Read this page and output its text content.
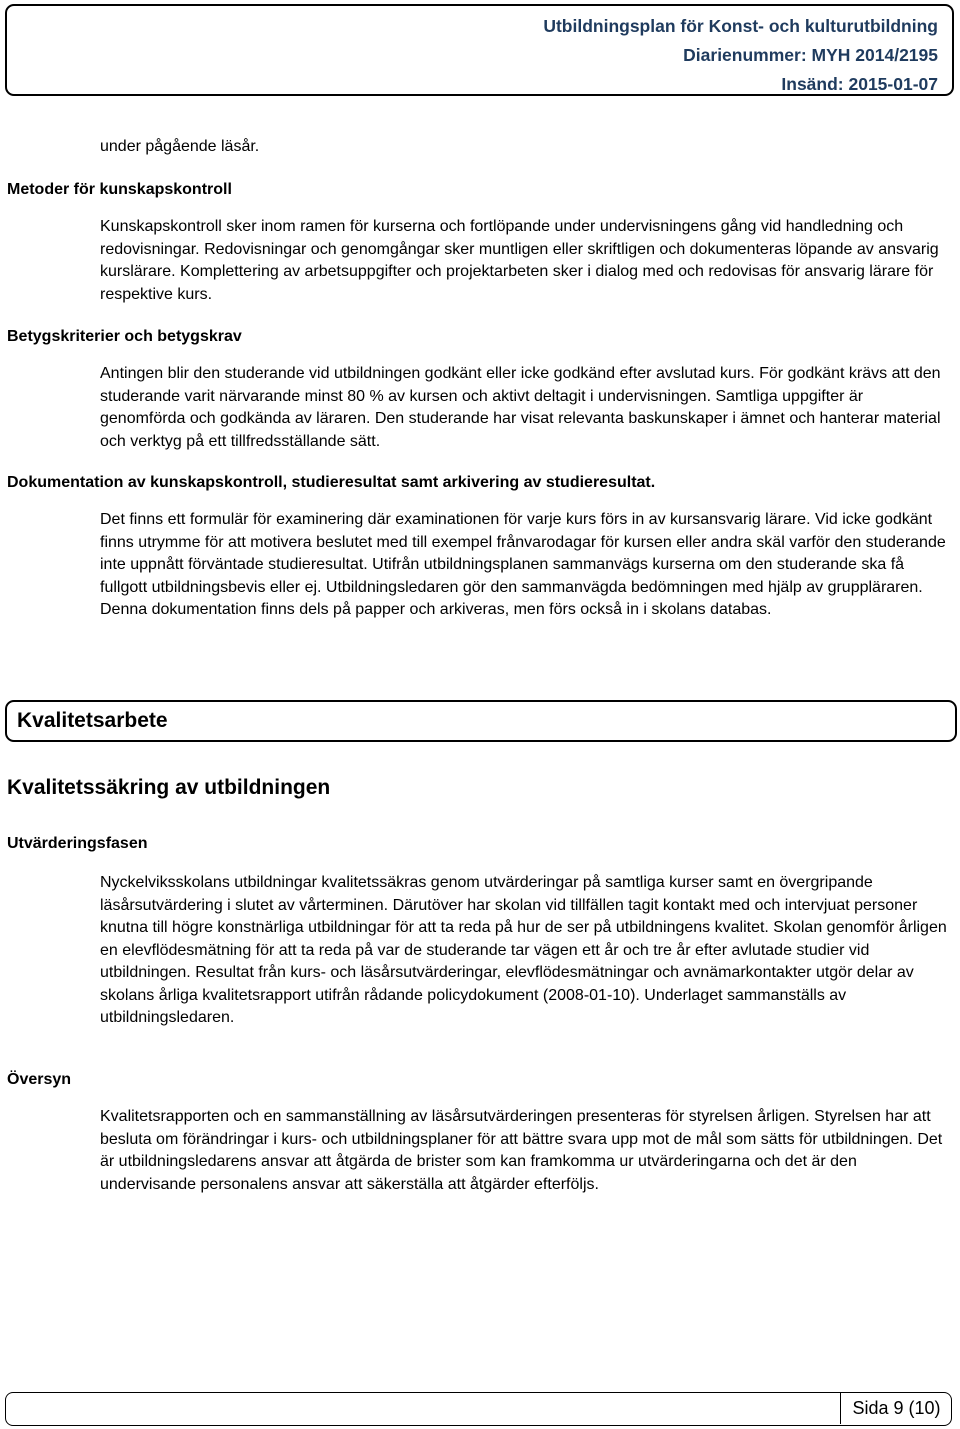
Utbildningsplan för Konst- och kulturutbildning
Diarienummer: MYH 2014/2195
Insänd: 2015-01-07

under pågående läsår.

Metoder för kunskapskontroll

Kunskapskontroll sker inom ramen för kurserna och fortlöpande under undervisningens gång vid handledning och redovisningar. Redovisningar och genomgångar sker muntligen eller skriftligen och dokumenteras löpande av ansvarig kurslärare. Komplettering av arbetsuppgifter och projektarbeten sker i dialog med och redovisas för ansvarig lärare för respektive kurs.

Betygskriterier och betygskrav

Antingen blir den studerande vid utbildningen godkänt eller icke godkänd efter avslutad kurs. För godkänt krävs att den studerande varit närvarande minst 80 % av kursen och aktivt deltagit i undervisningen. Samtliga uppgifter är genomförda och godkända av läraren. Den studerande har visat relevanta baskunskaper i ämnet och hanterar material och verktyg på ett tillfredsställande sätt.

Dokumentation av kunskapskontroll, studieresultat samt arkivering av studieresultat.

Det finns ett formulär för examinering där examinationen för varje kurs förs in av kursansvarig lärare. Vid icke godkänt finns utrymme för att motivera beslutet med till exempel frånvarodagar för kursen eller andra skäl varför den studerande inte uppnått förväntade studieresultat. Utifrån utbildningsplanen sammanvägs kurserna om den studerande ska få fullgott utbildningsbevis eller ej. Utbildningsledaren gör den sammanvägda bedömningen med hjälp av gruppläraren. Denna dokumentation finns dels på papper och arkiveras, men förs också in i skolans databas.

Kvalitetsarbete
Kvalitetssäkring av utbildningen

Utvärderingsfasen

Nyckelviksskolans utbildningar kvalitetssäkras genom utvärderingar på samtliga kurser samt en övergripande läsårsutvärdering i slutet av vårterminen. Därutöver har skolan vid tillfällen tagit kontakt med och intervjuat personer knutna till högre konstnärliga utbildningar för att ta reda på hur de ser på utbildningens kvalitet. Skolan genomför årligen en elevflödesmätning för att ta reda på var de studerande tar vägen ett år och tre år efter avlutade studier vid utbildningen. Resultat från kurs- och läsårsutvärderingar, elevflödesmätningar och avnämarkontakter utgör delar av skolans årliga kvalitetsrapport utifrån rådande policydokument (2008-01-10). Underlaget sammanställs av utbildningsledaren.

Översyn

Kvalitetsrapporten och en sammanställning av läsårsutvärderingen presenteras för styrelsen årligen. Styrelsen har att besluta om förändringar i kurs- och utbildningsplaner för att bättre svara upp mot de mål som sätts för utbildningen. Det är utbildningsledarens ansvar att åtgärda de brister som kan framkomma ur utvärderingarna och det är den undervisande personalens ansvar att säkerställa att åtgärder efterföljs.

Sida 9 (10)
